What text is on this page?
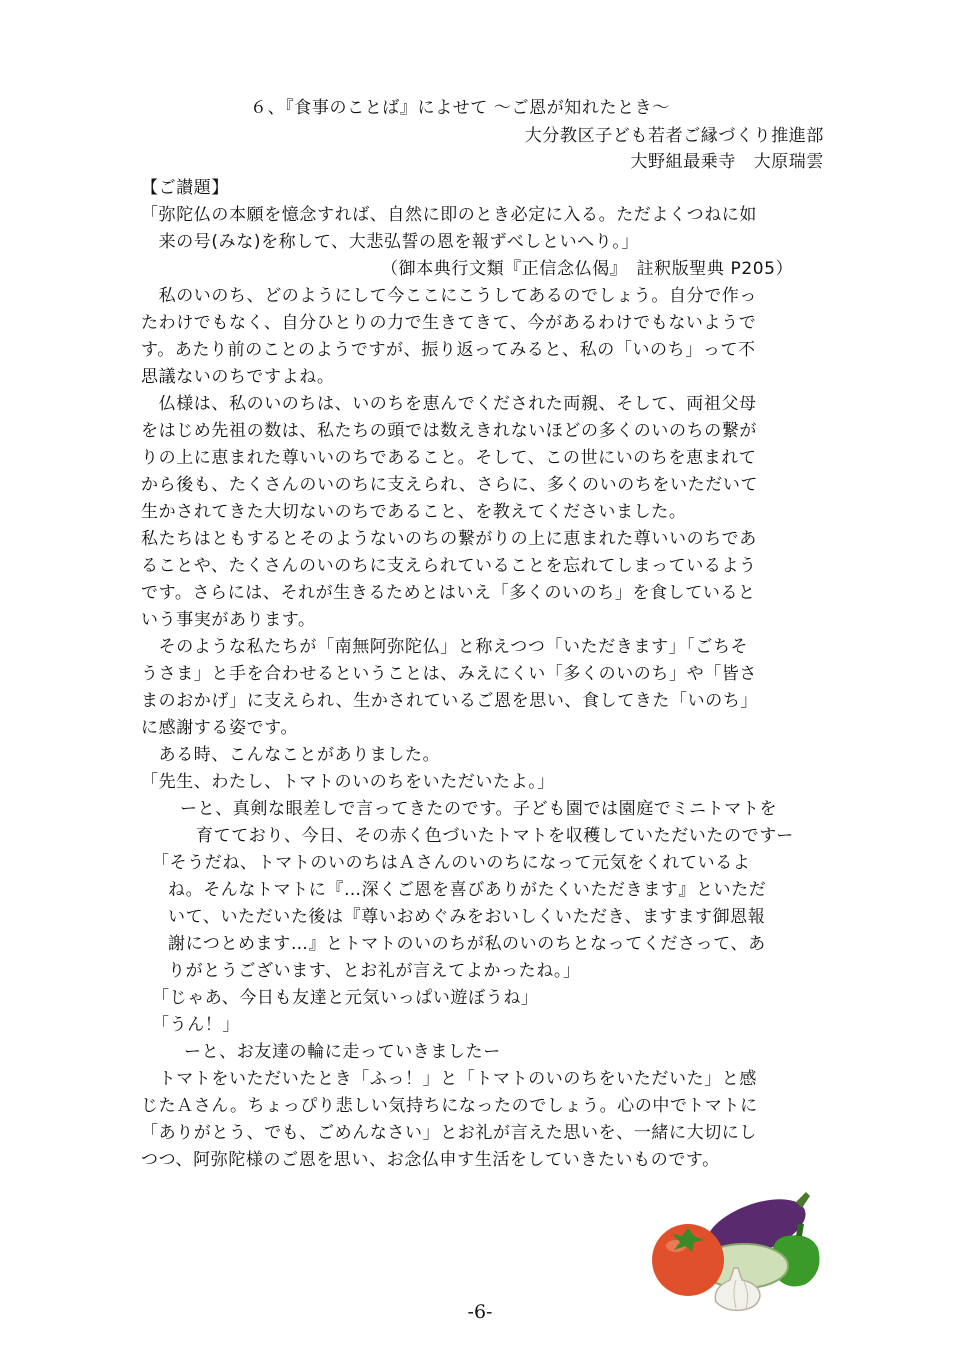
６、『食事のことば』によせて ～ご恩が知れたとき～
大分教区子ども若者ご縁づくり推進部
大野組最乗寺　大原瑞雲
【ご讃題】
「弥陀仏の本願を憶念すれば、自然に即のとき必定に入る。ただよくつねに如
　来の号(みな)を称して、大悲弘誓の恩を報ずべしといへり。」
（御本典行文類『正信念仏偈』　註釈版聖典 P205）
　私のいのち、どのようにして今ここにこうしてあるのでしょう。自分で作っ
たわけでもなく、自分ひとりの力で生きてきて、今があるわけでもないようで
す。あたり前のことのようですが、振り返ってみると、私の「いのち」って不
思議ないのちですよね。
　仏様は、私のいのちは、いのちを恵んでくだされた両親、そして、両祖父母
をはじめ先祖の数は、私たちの頭では数えきれないほどの多くのいのちの繋が
りの上に恵まれた尊いいのちであること。そして、この世にいのちを恵まれて
から後も、たくさんのいのちに支えられ、さらに、多くのいのちをいただいて
生かされてきた大切ないのちであること、を教えてくださいました。
私たちはともするとそのようないのちの繋がりの上に恵まれた尊いいのちであ
ることや、たくさんのいのちに支えられていることを忘れてしまっているよう
です。さらには、それが生きるためとはいえ「多くのいのち」を食していると
いう事実があります。
　そのような私たちが「南無阿弥陀仏」と称えつつ「いただきます」「ごちそ
うさま」と手を合わせるということは、みえにくい「多くのいのち」や「皆さ
まのおかげ」に支えられ、生かされているご恩を思い、食してきた「いのち」
に感謝する姿です。
　ある時、こんなことがありました。
「先生、わたし、トマトのいのちをいただいたよ。」
ーと、真剣な眼差しで言ってきたのです。子ども園では園庭でミニトマトを
育てており、今日、その赤く色づいたトマトを収穫していただいたのですー
「そうだね、トマトのいのちはＡさんのいのちになって元気をくれているよ
ね。そんなトマトに『…深くご恩を喜びありがたくいただきます』といただ
いて、いただいた後は『尊いおめぐみをおいしくいただき、ますます御恩報
謝につとめます…』とトマトのいのちが私のいのちとなってくださって、あ
りがとうございます、とお礼が言えてよかったね。」
「じゃあ、今日も友達と元気いっぱい遊ぼうね」
「うん！」
ーと、お友達の輪に走っていきましたー
　トマトをいただいたとき「ふっ！」と「トマトのいのちをいただいた」と感
じたＡさん。ちょっぴり悲しい気持ちになったのでしょう。心の中でトマトに
「ありがとう、でも、ごめんなさい」とお礼が言えた思いを、一緒に大切にし
つつ、阿弥陀様のご恩を思い、お念仏申す生活をしていきたいものです。
-6-
